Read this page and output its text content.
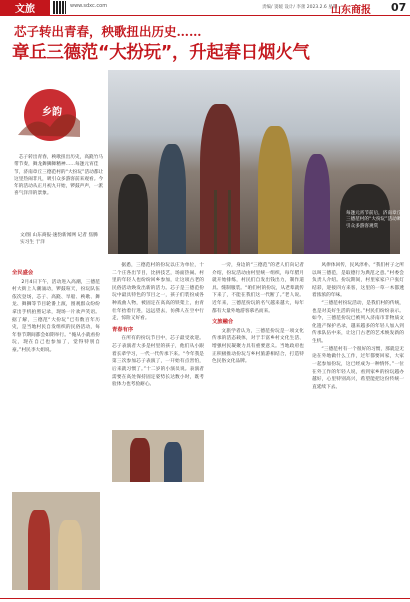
文旅	www.sdxc.com	责编/ 窦媛 设计/ 李蕾 2023.2.6 星期一
山东商报 07
芯子转出青春，秧歌扭出历史……
章丘三德范“大扮玩”，升起春日烟火气
乡韵
芯子转出青春，秧歌扭出历史，高跷竹马带节奏，舞龙舞狮舞精神……每逢元宵佳节，济南章丘三德范村的“大扮玩”活动都让这里热闹非凡，吸引众多游客前来观看。今年的活动从正月初九开始，锣鼓声声，一派喜气洋洋的景象。
文/图 山东商报·速豹新闻网 记者 焦腾 实习生 于洋
每逢元宵节前后，济南章丘三德范村的“大扮玩”活动吸引众多游客观赏

全民盛会

2月4日下午，活动进入高潮，三德范村大街上人潮涌动，锣鼓喧天，扮玩队伍依次登场，芯子、高跷、旱船、秧歌、舞龙、舞狮等节目轮番上演，围观群众纷纷拿出手机拍照记录，现场一片欢声笑语。据了解，三德范“大扮玩”已有数百年历史，是当地村民自发组织的民俗活动，每年春节期间都会如期举行。“俺从小就看扮玩，现在自己也参加了，觉得特别自豪。”村民李大姐说。

据悉，三德范村的扮玩以庄为单位，十二个庄各出节目，比拼技艺，场面热闹。村里的年轻人也纷纷回乡参加，让这项古老的民俗活动焕发出新的活力。芯子是三德范扮玩中最具特色的节目之一，孩子们装扮成各种戏曲人物，被固定在高高的铁架上，由青壮年抬着行进，远远望去，仿佛人在空中行走，惊险又好看。

青春有序

在所有的扮玩节目中，芯子最受欢迎。芯子表演者大多是村里的孩子，他们从小跟着长辈学习，一代一代传承下来。“今年我是第三次参加芯子表演了，一开始有点害怕，后来就习惯了。”十二岁的小演员说。表演者需要在高处保持固定姿势长达数小时，既考验体力也考验耐心。

一旁，身边的“三德范”的老人们向记者介绍，扮玩活动由村里统一组织，每年腊月就开始排练，村民们自发出钱出力，制作道具、缝制服装。“咱们村的扮玩，从老辈就传下来了，不能在我们这一代断了。”老人说。近年来，三德范扮玩的名气越来越大，每年都有大量外地游客慕名而来。

文旅融合

文旅学者认为，三德范扮玩是一项文化传承的活态载体，对于丰富乡村文化生活、增强村民凝聚力具有重要意义。当地政府也正积极推动扮玩与乡村旅游相结合，打造特色民俗文化品牌。

风俸体回传，民风淳朴。“我们村子之所以叫三德范，是取德行为典范之意。”村委会负责人介绍。扮玩期间，村里家家户户张灯结彩，迎接四方来客，这里的一草一木都透着浓浓的年味。

“三德范村扮玩活动，是我们村的传统，也是对美好生活的向往。”村民们纷纷表示。如今，三德范扮玩已被列入济南市非物质文化遗产保护名录，越来越多的年轻人加入到传承队伍中来，让这门古老的艺术焕发新的生机。

“三德范村有一个很好的习惯，那就是无论在外地做什么工作，过年都要回家，大家一起参加扮玩，这已经成为一种情怀。”一位在外工作的年轻人说，看到家乡的扮玩越办越好，心里特别高兴，希望能把这份传统一直延续下去。
